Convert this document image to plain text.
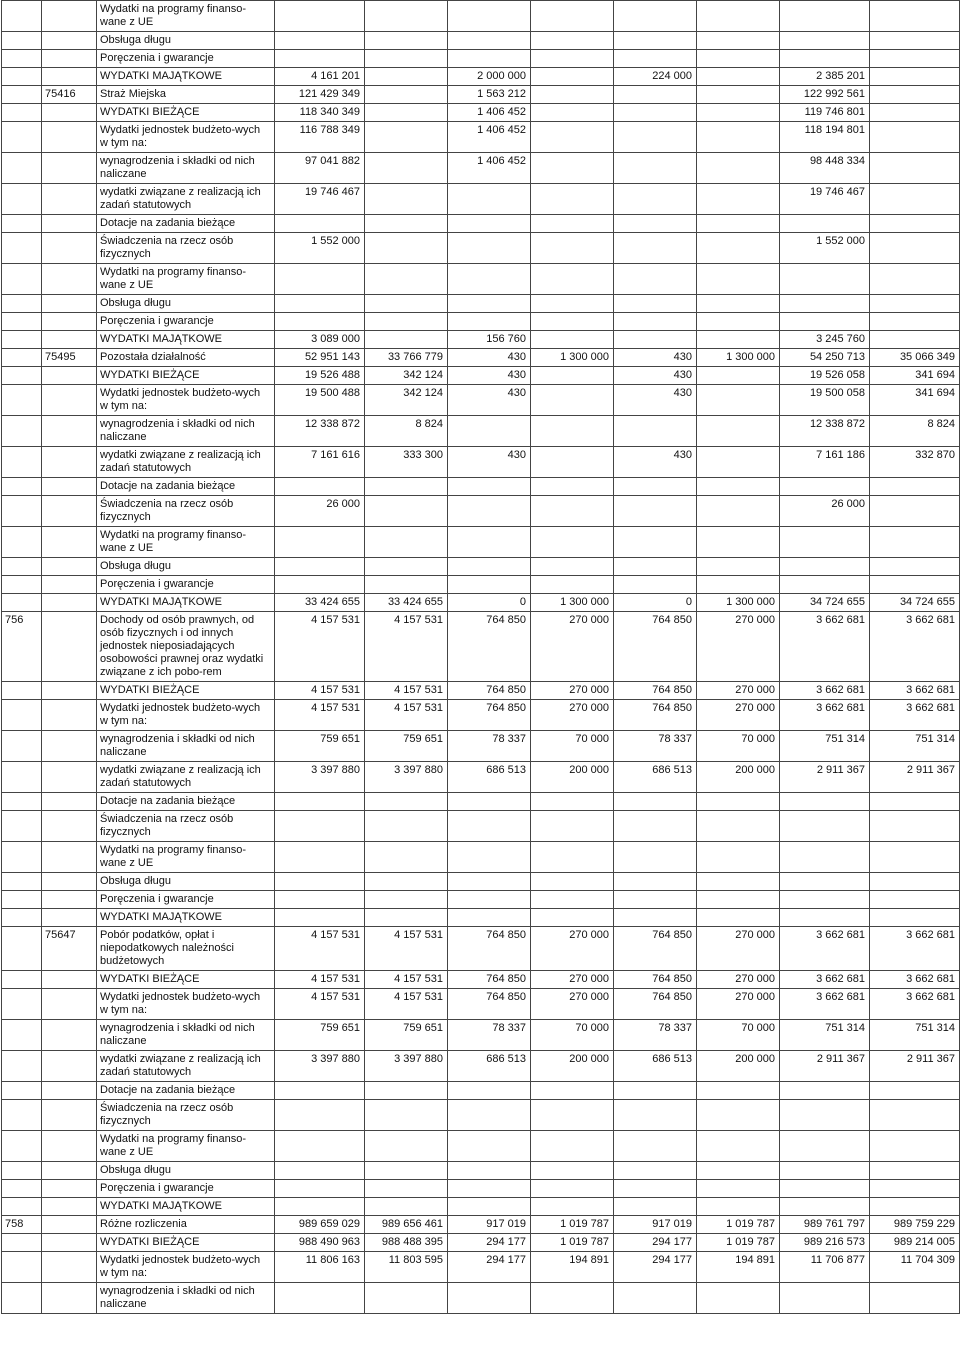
		Wydatki na programy finanso-wane z UE								
		Obsługa długu								
		Poręczenia i gwarancje								
		WYDATKI MAJĄTKOWE	4 161 201		2 000 000		224 000		2 385 201	
	75416	Straż Miejska	121 429 349		1 563 212				122 992 561	
		WYDATKI BIEŻĄCE	118 340 349		1 406 452				119 746 801	
		Wydatki jednostek budżeto-wych w tym na:	116 788 349		1 406 452				118 194 801	
		wynagrodzenia i składki od nich naliczane	97 041 882		1 406 452				98 448 334	
		wydatki związane z realizacją ich zadań statutowych	19 746 467						19 746 467	
		Dotacje na zadania bieżące								
		Świadczenia na rzecz osób fizycznych	1 552 000						1 552 000	
		Wydatki na programy finanso-wane z UE								
		Obsługa długu								
		Poręczenia i gwarancje								
		WYDATKI MAJĄTKOWE	3 089 000		156 760				3 245 760	
	75495	Pozostała działalność	52 951 143	33 766 779	430	1 300 000	430	1 300 000	54 250 713	35 066 349
		WYDATKI BIEŻĄCE	19 526 488	342 124	430		430		19 526 058	341 694
		Wydatki jednostek budżeto-wych w tym na:	19 500 488	342 124	430		430		19 500 058	341 694
		wynagrodzenia i składki od nich naliczane	12 338 872	8 824					12 338 872	8 824
		wydatki związane z realizacją ich zadań statutowych	7 161 616	333 300	430		430		7 161 186	332 870
		Dotacje na zadania bieżące								
		Świadczenia na rzecz osób fizycznych	26 000						26 000	
		Wydatki na programy finanso-wane z UE								
		Obsługa długu								
		Poręczenia i gwarancje								
		WYDATKI MAJĄTKOWE	33 424 655	33 424 655	0	1 300 000	0	1 300 000	34 724 655	34 724 655
756		Dochody od osób prawnych, od osób fizycznych i od innych jednostek nieposiadających osobowości prawnej oraz wydatki związane z ich pobo-rem	4 157 531	4 157 531	764 850	270 000	764 850	270 000	3 662 681	3 662 681
		WYDATKI BIEŻĄCE	4 157 531	4 157 531	764 850	270 000	764 850	270 000	3 662 681	3 662 681
		Wydatki jednostek budżeto-wych w tym na:	4 157 531	4 157 531	764 850	270 000	764 850	270 000	3 662 681	3 662 681
		wynagrodzenia i składki od nich naliczane	759 651	759 651	78 337	70 000	78 337	70 000	751 314	751 314
		wydatki związane z realizacją ich zadań statutowych	3 397 880	3 397 880	686 513	200 000	686 513	200 000	2 911 367	2 911 367
		Dotacje na zadania bieżące								
		Świadczenia na rzecz osób fizycznych								
		Wydatki na programy finanso-wane z UE								
		Obsługa długu								
		Poręczenia i gwarancje								
		WYDATKI MAJĄTKOWE								
	75647	Pobór podatków, opłat i niepodatkowych należności budżetowych	4 157 531	4 157 531	764 850	270 000	764 850	270 000	3 662 681	3 662 681
		WYDATKI BIEŻĄCE	4 157 531	4 157 531	764 850	270 000	764 850	270 000	3 662 681	3 662 681
		Wydatki jednostek budżeto-wych w tym na:	4 157 531	4 157 531	764 850	270 000	764 850	270 000	3 662 681	3 662 681
		wynagrodzenia i składki od nich naliczane	759 651	759 651	78 337	70 000	78 337	70 000	751 314	751 314
		wydatki związane z realizacją ich zadań statutowych	3 397 880	3 397 880	686 513	200 000	686 513	200 000	2 911 367	2 911 367
		Dotacje na zadania bieżące								
		Świadczenia na rzecz osób fizycznych								
		Wydatki na programy finanso-wane z UE								
		Obsługa długu								
		Poręczenia i gwarancje								
		WYDATKI MAJĄTKOWE								
758		Różne rozliczenia	989 659 029	989 656 461	917 019	1 019 787	917 019	1 019 787	989 761 797	989 759 229
		WYDATKI BIEŻĄCE	988 490 963	988 488 395	294 177	1 019 787	294 177	1 019 787	989 216 573	989 214 005
		Wydatki jednostek budżeto-wych w tym na:	11 806 163	11 803 595	294 177	194 891	294 177	194 891	11 706 877	11 704 309
		wynagrodzenia i składki od nich naliczane								
